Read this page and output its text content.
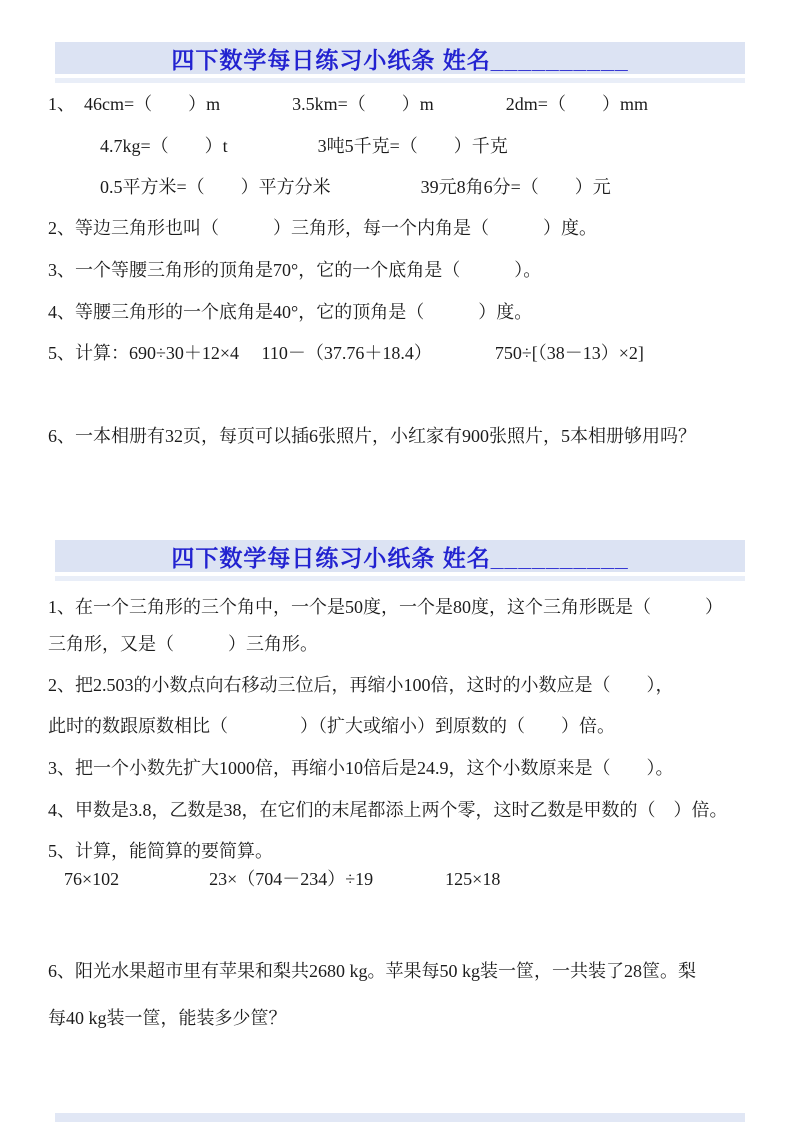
四下数学每日练习小纸条 姓名__________
1、　46cm=（　　）m　　　　3.5km=（　　）m　　　　2dm=（　　）mm
4.7kg=（　　）t　　　　　3吨5千克=（　　）千克
0.5平方米=（　　）平方分米　　　　　39元8角6分=（　　）元
2、等边三角形也叫（　　　）三角形，每一个内角是（　　　）度。
3、一个等腰三角形的顶角是70°，它的一个底角是（　　　）。
4、等腰三角形的一个底角是40°，它的顶角是（　　　）度。
5、计算：690÷30＋12×4　 110－（37.76＋18.4）　　　　750÷[（38－13）×2]
6、一本相册有32页，每页可以插6张照片，小红家有900张照片，5本相册够用吗？
四下数学每日练习小纸条 姓名__________
1、在一个三角形的三个角中，一个是50度，一个是80度，这个三角形既是（　　　）
三角形，又是（　　　）三角形。
2、把2.503的小数点向右移动三位后，再缩小100倍，这时的小数应是（　　），
此时的数跟原数相比（　　　　）（扩大或缩小）到原数的（　　）倍。
3、把一个小数先扩大1000倍，再缩小10倍后是24.9，这个小数原来是（　　）。
4、甲数是3.8，乙数是38，在它们的末尾都添上两个零，这时乙数是甲数的（　）倍。
5、计算，能简算的要简算。
76×102　　　　　23×（704－234）÷19　　　　125×18
6、阳光水果超市里有苹果和梨共2680 kg。苹果每50 kg装一筐，一共装了28筐。梨
每40 kg装一筐，能装多少筐？
